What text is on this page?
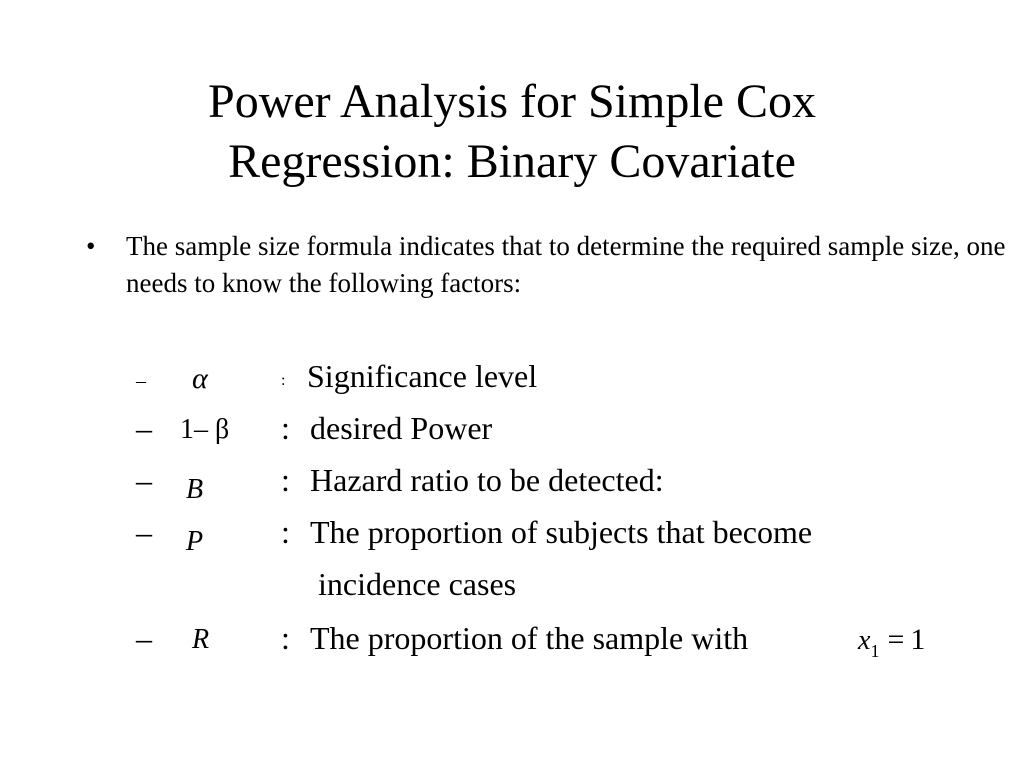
Power Analysis for Simple Cox
Regression: Binary Covariate
• The sample size formula indicates that to determine the required sample size, one needs to know the following factors:
– α	: Significance level
– 1– β : desired Power
– B : Hazard ratio to be detected:
– P : The proportion of subjects that become
incidence cases
– R : The proportion of the sample with	$x_1 = 1$
